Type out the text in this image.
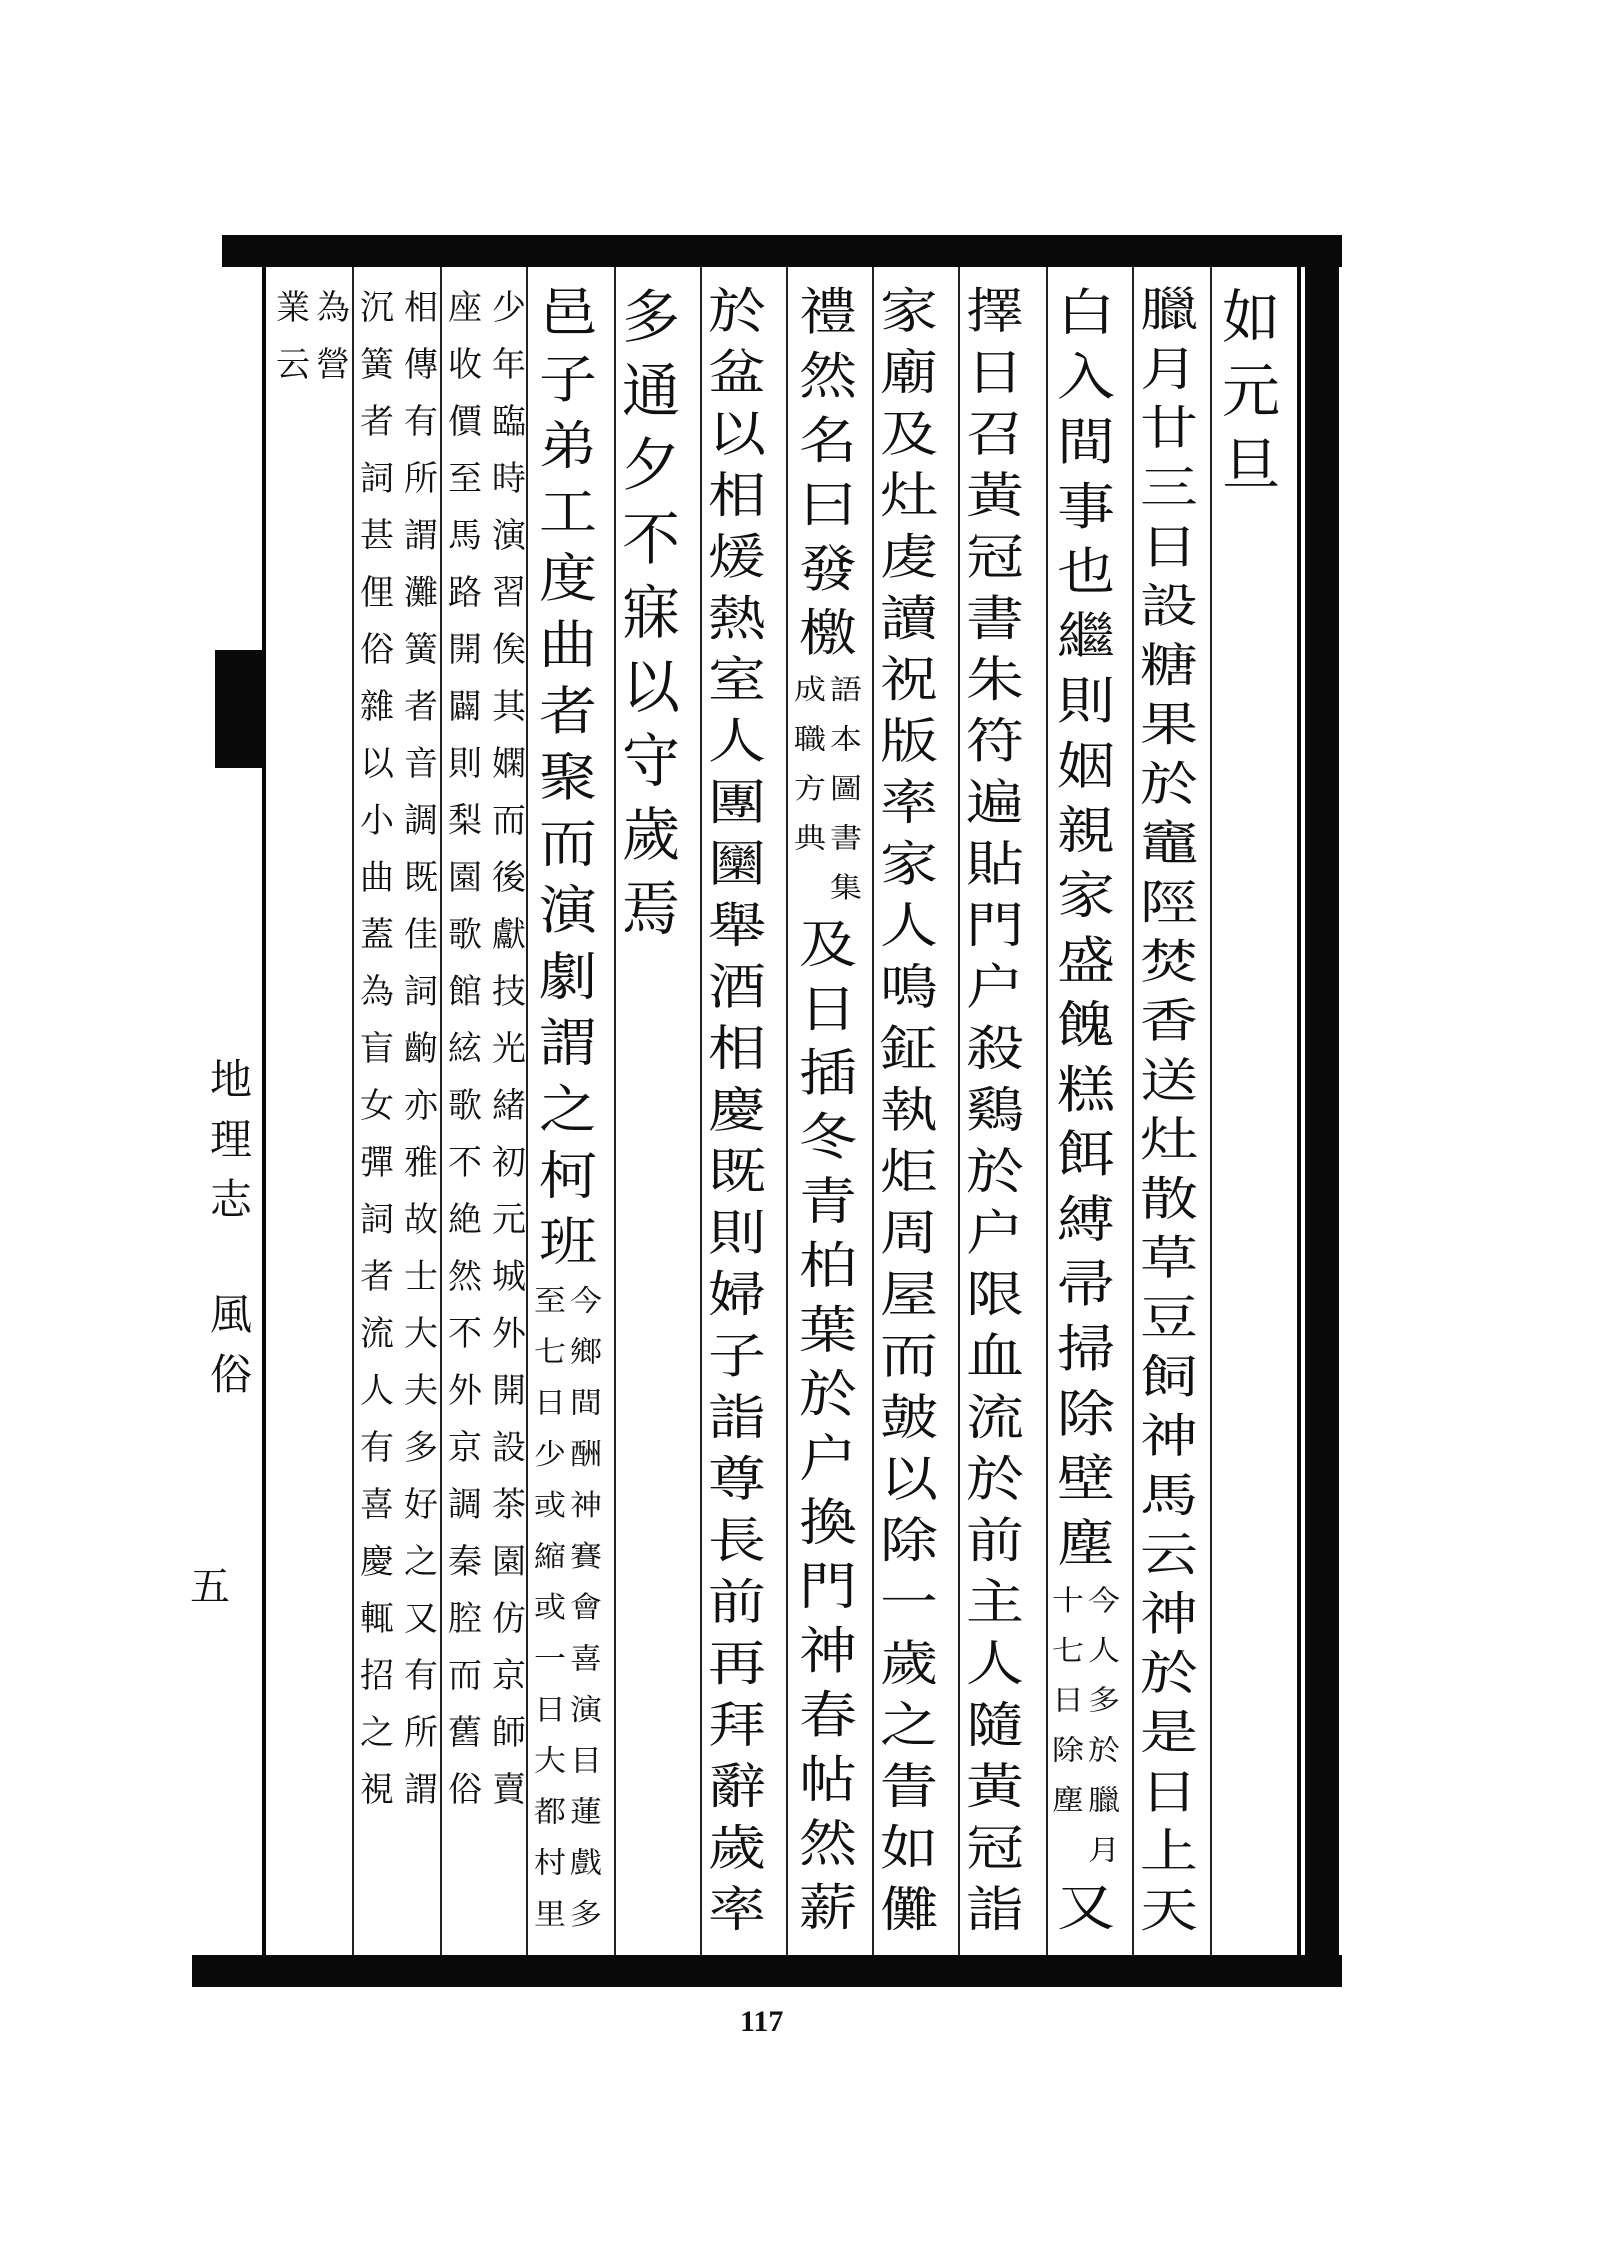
如
元
旦
臘
月
廿
三
日
設
糖
果
於
竈
陘
焚
香
送
灶
散
草
豆
飼
神
馬
云
神
於
是
日
上
天
白
入
間
事
也
繼
則
姻
親
家
盛
餽
糕
餌
縛
帚
掃
除
壁
塵
今
人
多
於
臘
月
十
七
日
除
塵
又
擇
日
召
黃
冠
書
朱
符
遍
貼
門
户
殺
鷄
於
户
限
血
流
於
前
主
人
隨
黃
冠
詣
家
廟
及
灶
䖍
讀
祝
版
率
家
人
鳴
鉦
執
炬
周
屋
而
皷
以
除
一
歲
之
眚
如
儺
禮
然
名
曰
發
檄
語
本
圖
書
集
成
職
方
典
及
日
插
冬
青
柏
葉
於
户
換
門
神
春
帖
然
薪
於
盆
以
相
煖
熱
室
人
團
圞
舉
酒
相
慶
既
則
婦
子
詣
尊
長
前
再
拜
辭
歲
率
多
通
夕
不
寐
以
守
歲
焉
邑
子
弟
工
度
曲
者
聚
而
演
劇
謂
之
柯
班
今
鄉
間
酬
神
賽
會
喜
演
目
蓮
戲
多
至
七
日
少
或
縮
或
一
日
大
都
村
里
少
年
臨
時
演
習
俟
其
嫻
而
後
獻
技
光
緒
初
元
城
外
開
設
茶
園
仿
京
師
賣
座
收
價
至
馬
路
開
闢
則
梨
園
歌
館
絃
歌
不
絶
然
不
外
京
調
秦
腔
而
舊
俗
相
傳
有
所
謂
灘
簧
者
音
調
既
佳
詞
齣
亦
雅
故
士
大
夫
多
好
之
又
有
所
謂
沉
簧
者
詞
甚
俚
俗
雜
以
小
曲
蓋
為
盲
女
彈
詞
者
流
人
有
喜
慶
輒
招
之
視
為
營
業
云
地
理
志
風
俗
五
117
